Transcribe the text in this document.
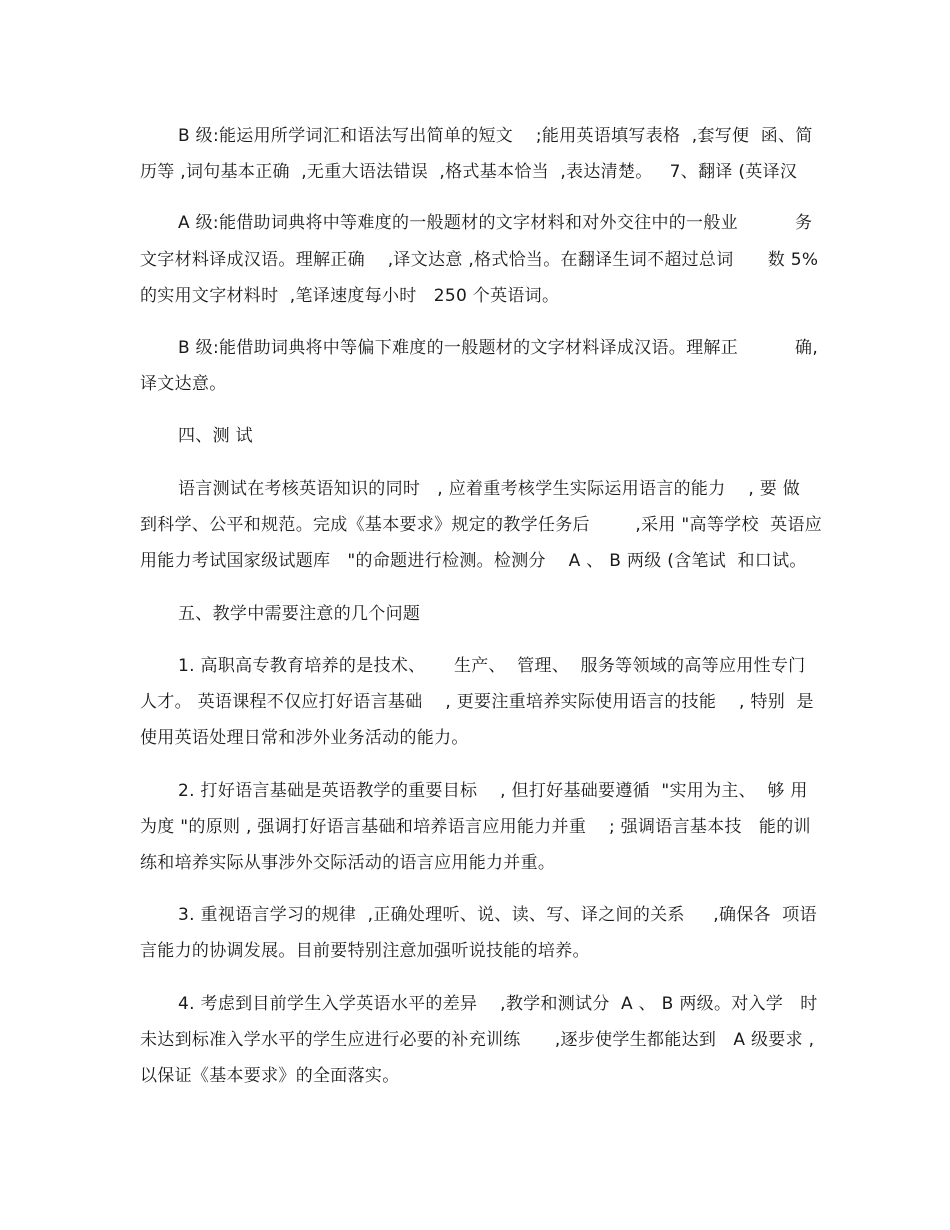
B 级:能运用所学词汇和语法写出简单的短文    ;能用英语填写表格  ,套写便  函、简
历等 ,词句基本正确  ,无重大语法错误  ,格式基本恰当  ,表达清楚。   7、翻译 (英译汉
A 级:能借助词典将中等难度的一般题材的文字材料和对外交往中的一般业          务
文字材料译成汉语。理解正确    ,译文达意 ,格式恰当。在翻译生词不超过总词      数 5%
的实用文字材料时  ,笔译速度每小时   250 个英语词。
B 级:能借助词典将中等偏下难度的一般题材的文字材料译成汉语。理解正          确,
译文达意。
四、测 试
语言测试在考核英语知识的同时   , 应着重考核学生实际运用语言的能力    , 要 做
到科学、公平和规范。完成《基本要求》规定的教学任务后        ,采用 "高等学校  英语应
用能力考试国家级试题库   "的命题进行检测。检测分    A 、 B 两级 (含笔试  和口试。
五、教学中需要注意的几个问题
1. 高职高专教育培养的是技术、     生产、  管理、  服务等领域的高等应用性专门
人才。 英语课程不仅应打好语言基础    , 更要注重培养实际使用语言的技能    , 特别  是
使用英语处理日常和涉外业务活动的能力。
2. 打好语言基础是英语教学的重要目标    , 但打好基础要遵循  "实用为主、  够 用
为度 "的原则 , 强调打好语言基础和培养语言应用能力并重    ; 强调语言基本技   能的训
练和培养实际从事涉外交际活动的语言应用能力并重。
3. 重视语言学习的规律  ,正确处理听、说、读、写、译之间的关系     ,确保各  项语
言能力的协调发展。目前要特别注意加强听说技能的培养。
4. 考虑到目前学生入学英语水平的差异    ,教学和测试分  A 、 B 两级。对入学   时
未达到标准入学水平的学生应进行必要的补充训练      ,逐步使学生都能达到   A 级要求 ,
以保证《基本要求》的全面落实。
